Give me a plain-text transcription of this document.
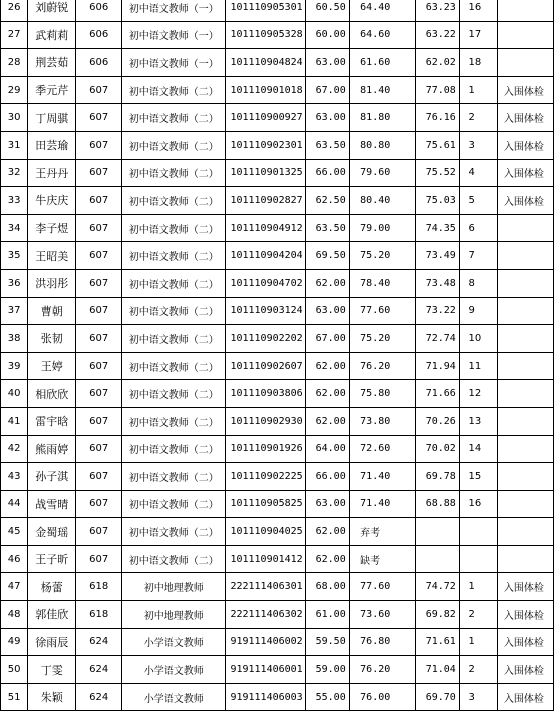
26	刘蔚锐	606	初中语文教师（一）	101110905301	60.50	64.40	63.23	16	
27	武莉莉	606	初中语文教师（一）	101110905328	60.00	64.60	63.22	17	
28	荆芸茹	606	初中语文教师（一）	101110904824	63.00	61.60	62.02	18	
29	季元芹	607	初中语文教师（二）	101110901018	67.00	81.40	77.08	1	入围体检
30	丁周骐	607	初中语文教师（二）	101110900927	63.00	81.80	76.16	2	入围体检
31	田芸瑜	607	初中语文教师（二）	101110902301	63.50	80.80	75.61	3	入围体检
32	王丹丹	607	初中语文教师（二）	101110901325	66.00	79.60	75.52	4	入围体检
33	牛庆庆	607	初中语文教师（二）	101110902827	62.50	80.40	75.03	5	入围体检
34	李子煜	607	初中语文教师（二）	101110904912	63.50	79.00	74.35	6	
35	王昭美	607	初中语文教师（二）	101110904204	69.50	75.20	73.49	7	
36	洪羽彤	607	初中语文教师（二）	101110904702	62.00	78.40	73.48	8	
37	曹朝	607	初中语文教师（二）	101110903124	63.00	77.60	73.22	9	
38	张韧	607	初中语文教师（二）	101110902202	67.00	75.20	72.74	10	
39	王婷	607	初中语文教师（二）	101110902607	62.00	76.20	71.94	11	
40	相欣欣	607	初中语文教师（二）	101110903806	62.00	75.80	71.66	12	
41	雷宇晗	607	初中语文教师（二）	101110902930	62.00	73.80	70.26	13	
42	熊雨婷	607	初中语文教师（二）	101110901926	64.00	72.60	70.02	14	
43	孙子淇	607	初中语文教师（二）	101110902225	66.00	71.40	69.78	15	
44	战雪晴	607	初中语文教师（二）	101110905825	63.00	71.40	68.88	16	
45	金蜀瑶	607	初中语文教师（二）	101110904025	62.00	弃考			
46	王子昕	607	初中语文教师（二）	101110901412	62.00	缺考			
47	杨蕾	618	初中地理教师	222111406301	68.00	77.60	74.72	1	入围体检
48	郭佳欣	618	初中地理教师	222111406302	61.00	73.60	69.82	2	入围体检
49	徐雨辰	624	小学语文教师	919111406002	59.50	76.80	71.61	1	入围体检
50	丁雯	624	小学语文教师	919111406001	59.00	76.20	71.04	2	入围体检
51	朱颖	624	小学语文教师	919111406003	55.00	76.00	69.70	3	入围体检
